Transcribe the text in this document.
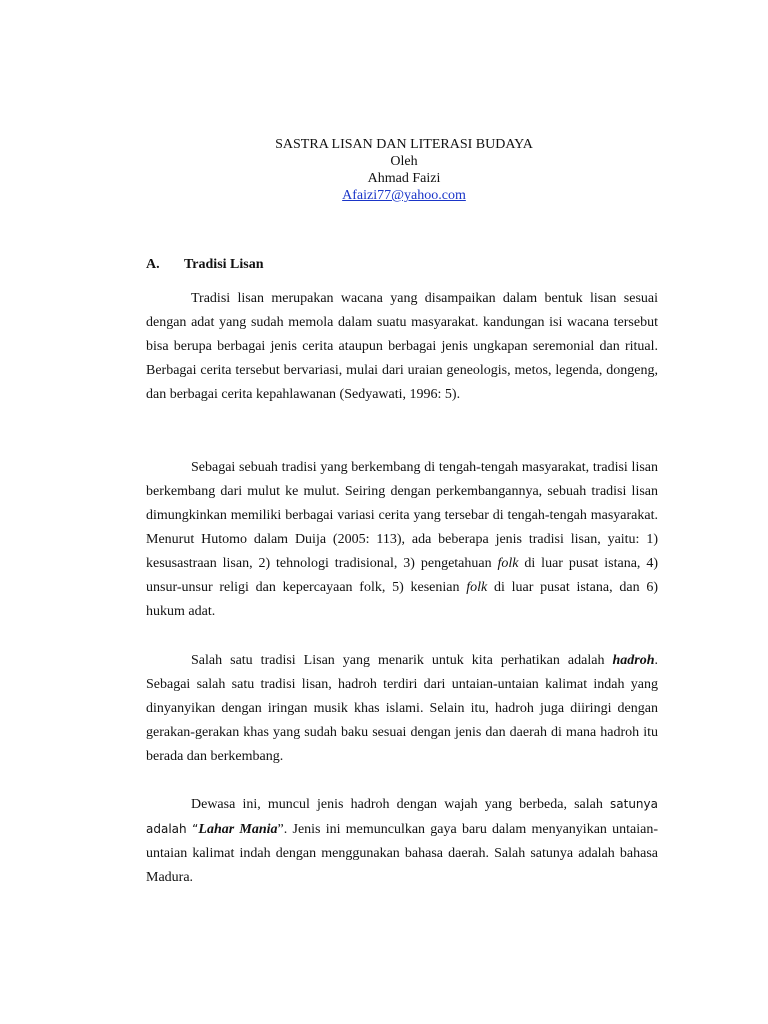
SASTRA LISAN DAN LITERASI BUDAYA
Oleh
Ahmad Faizi
Afaizi77@yahoo.com
A. Tradisi Lisan

Tradisi lisan merupakan wacana yang disampaikan dalam bentuk lisan sesuai dengan adat yang sudah memola dalam suatu masyarakat. kandungan isi wacana tersebut bisa berupa berbagai jenis cerita ataupun berbagai jenis ungkapan seremonial dan ritual. Berbagai cerita tersebut bervariasi, mulai dari uraian geneologis, metos, legenda, dongeng, dan berbagai cerita kepahlawanan (Sedyawati, 1996: 5).

Sebagai sebuah tradisi yang berkembang di tengah-tengah masyarakat, tradisi lisan berkembang dari mulut ke mulut. Seiring dengan perkembangannya, sebuah tradisi lisan dimungkinkan memiliki berbagai variasi cerita yang tersebar di tengah-tengah masyarakat. Menurut Hutomo dalam Duija (2005: 113), ada beberapa jenis tradisi lisan, yaitu: 1) kesusastraan lisan, 2) tehnologi tradisional, 3) pengetahuan folk di luar pusat istana, 4) unsur-unsur religi dan kepercayaan folk, 5) kesenian folk di luar pusat istana, dan 6) hukum adat.

Salah satu tradisi Lisan yang menarik untuk kita perhatikan adalah hadroh. Sebagai salah satu tradisi lisan, hadroh terdiri dari untaian-untaian kalimat indah yang dinyanyikan dengan iringan musik khas islami. Selain itu, hadroh juga diiringi dengan gerakan-gerakan khas yang sudah baku sesuai dengan jenis dan daerah di mana hadroh itu berada dan berkembang.

Dewasa ini, muncul jenis hadroh dengan wajah yang berbeda, salah satunya adalah “Lahar Mania”. Jenis ini memunculkan gaya baru dalam menyanyikan untaian-untaian kalimat indah dengan menggunakan bahasa daerah. Salah satunya adalah bahasa Madura.
